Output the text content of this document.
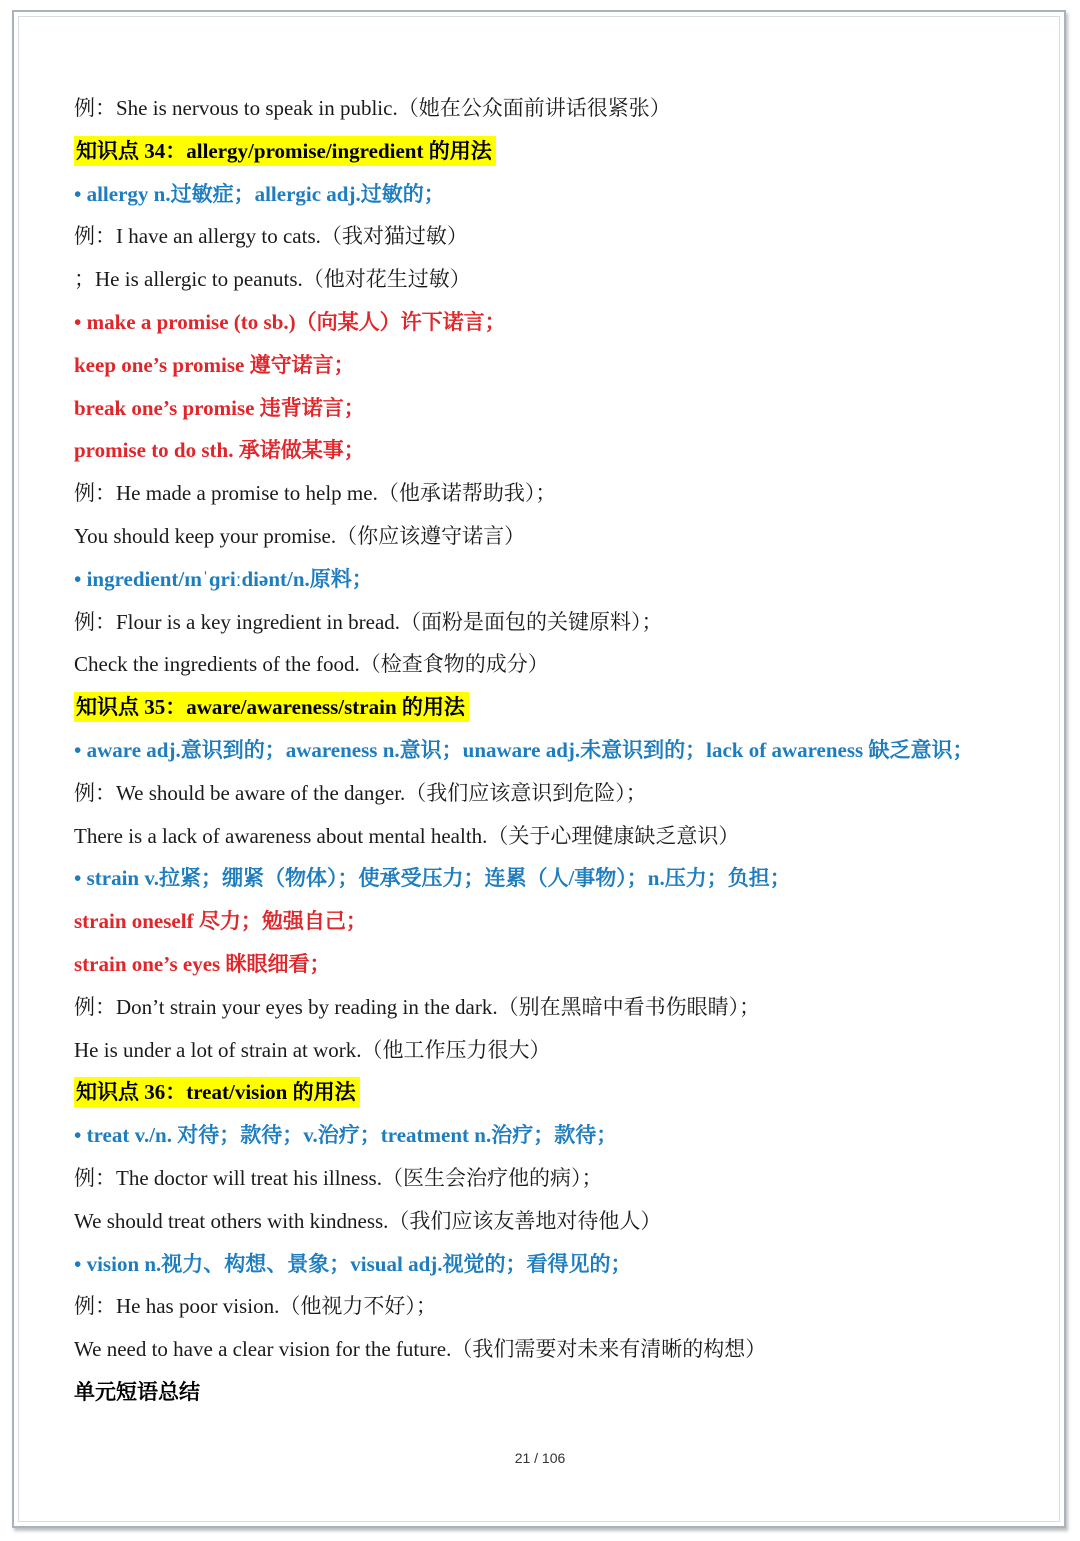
例：She is nervous to speak in public.（她在公众面前讲话很紧张）
知识点 34：allergy/promise/ingredient 的用法
• allergy n.过敏症；allergic adj.过敏的；
例：I have an allergy to cats.（我对猫过敏）
；He is allergic to peanuts.（他对花生过敏）
• make a promise (to sb.)（向某人）许下诺言；
keep one’s promise 遵守诺言；
break one’s promise 违背诺言；
promise to do sth. 承诺做某事；
例：He made a promise to help me.（他承诺帮助我）；
You should keep your promise.（你应该遵守诺言）
• ingredient/ɪnˈɡriːdiənt/n.原料；
例：Flour is a key ingredient in bread.（面粉是面包的关键原料）；
Check the ingredients of the food.（检查食物的成分）
知识点 35：aware/awareness/strain 的用法
• aware adj.意识到的；awareness n.意识；unaware adj.未意识到的；lack of awareness 缺乏意识；
例：We should be aware of the danger.（我们应该意识到危险）；
There is a lack of awareness about mental health.（关于心理健康缺乏意识）
• strain v.拉紧；绷紧（物体）；使承受压力；连累（人/事物）；n.压力；负担；
strain oneself 尽力；勉强自己；
strain one’s eyes 眯眼细看；
例：Don’t strain your eyes by reading in the dark.（别在黑暗中看书伤眼睛）；
He is under a lot of strain at work.（他工作压力很大）
知识点 36：treat/vision 的用法
• treat v./n. 对待；款待；v.治疗；treatment n.治疗；款待；
例：The doctor will treat his illness.（医生会治疗他的病）；
We should treat others with kindness.（我们应该友善地对待他人）
• vision n.视力、构想、景象；visual adj.视觉的；看得见的；
例：He has poor vision.（他视力不好）；
We need to have a clear vision for the future.（我们需要对未来有清晰的构想）
单元短语总结
21 / 106
